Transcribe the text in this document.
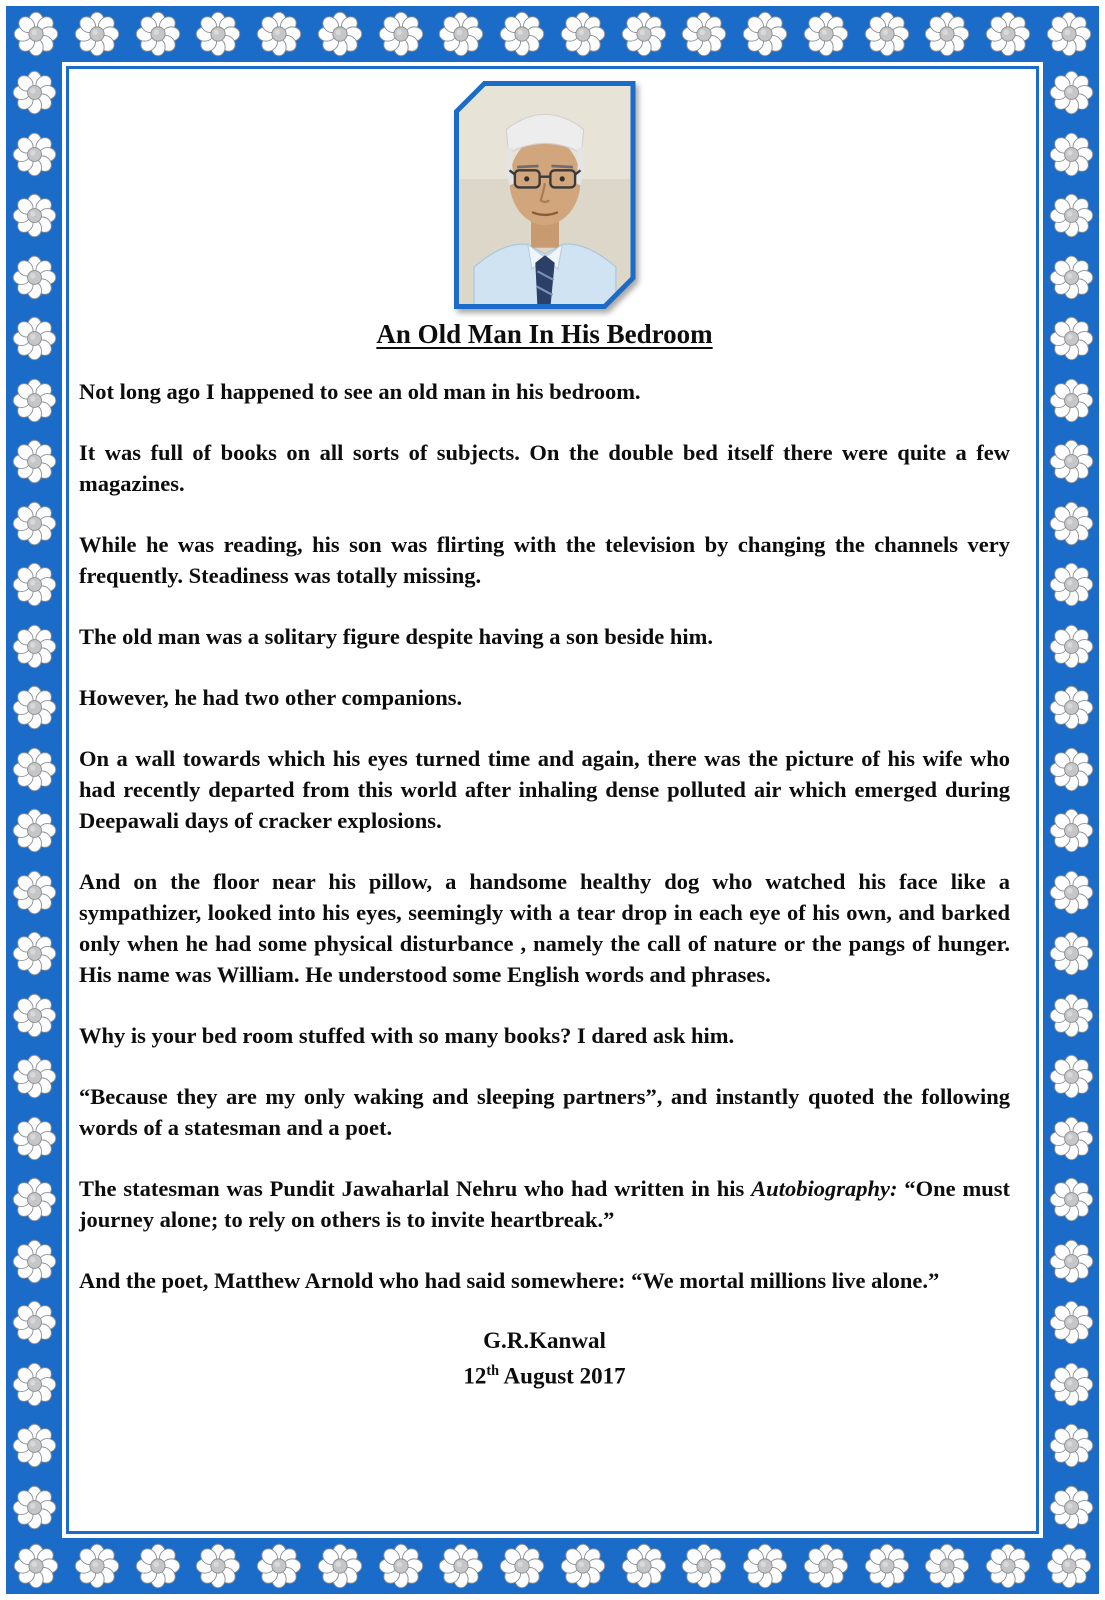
An Old Man In His Bedroom

Not long ago I happened to see an old man in his bedroom.

It was full of books on all sorts of subjects. On the double bed itself there were quite a few magazines.

While he was reading, his son was flirting with the television by changing the channels very frequently. Steadiness was totally missing.

The old man was a solitary figure despite having a son beside him.

However, he had two other companions.

On a wall towards which his eyes turned time and again, there was the picture of his wife who had recently departed from this world after inhaling dense polluted air which emerged during Deepawali days of cracker explosions.

And on the floor near his pillow, a handsome healthy dog who watched his face like a sympathizer, looked into his eyes, seemingly with a tear drop in each eye of his own, and barked only when he had some physical disturbance , namely the call of nature or the pangs of hunger. His name was William. He understood some English words and phrases.

Why is your bed room stuffed with so many books? I dared ask him.

“Because they are my only waking and sleeping partners”, and instantly quoted the following words of a statesman and a poet.

The statesman was Pundit Jawaharlal Nehru who had written in his Autobiography: “One must journey alone; to rely on others is to invite heartbreak.”

And the poet, Matthew Arnold who had said somewhere: “We mortal millions live alone.”

G.R.Kanwal
12th August 2017
